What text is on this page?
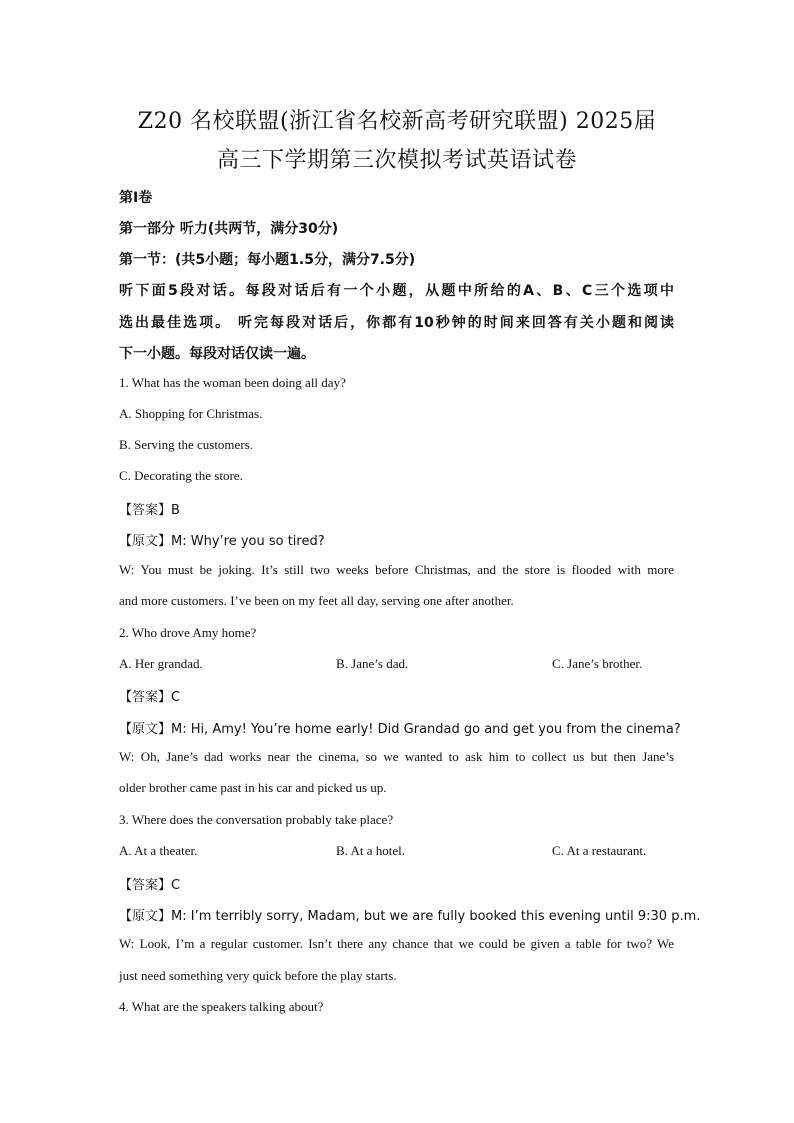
Z20 名校联盟(浙江省名校新高考研究联盟) 2025届
高三下学期第三次模拟考试英语试卷
第Ⅰ卷
第一部分 听力(共两节，满分30分)
第一节：(共5小题；每小题1.5分，满分7.5分)
听下面5段对话。每段对话后有一个小题，从题中所给的A、B、C三个选项中
选出最佳选项。 听完每段对话后，你都有10秒钟的时间来回答有关小题和阅读
下一小题。每段对话仅读一遍。
1. What has the woman been doing all day?
A. Shopping for Christmas.
B. Serving the customers.
C. Decorating the store.
【答案】B
【原文】M: Why’re you so tired?
W: You must be joking. It’s still two weeks before Christmas, and the store is flooded with more
and more customers. I’ve been on my feet all day, serving one after another.
2. Who drove Amy home?
A. Her grandad.	B. Jane’s dad.	C. Jane’s brother.
【答案】C
【原文】M: Hi, Amy! You’re home early! Did Grandad go and get you from the cinema?
W: Oh, Jane’s dad works near the cinema, so we wanted to ask him to collect us but then Jane’s
older brother came past in his car and picked us up.
3. Where does the conversation probably take place?
A. At a theater.	B. At a hotel.	C. At a restaurant.
【答案】C
【原文】M: I’m terribly sorry, Madam, but we are fully booked this evening until 9:30 p.m.
W: Look, I’m a regular customer. Isn’t there any chance that we could be given a table for two? We
just need something very quick before the play starts.
4. What are the speakers talking about?
